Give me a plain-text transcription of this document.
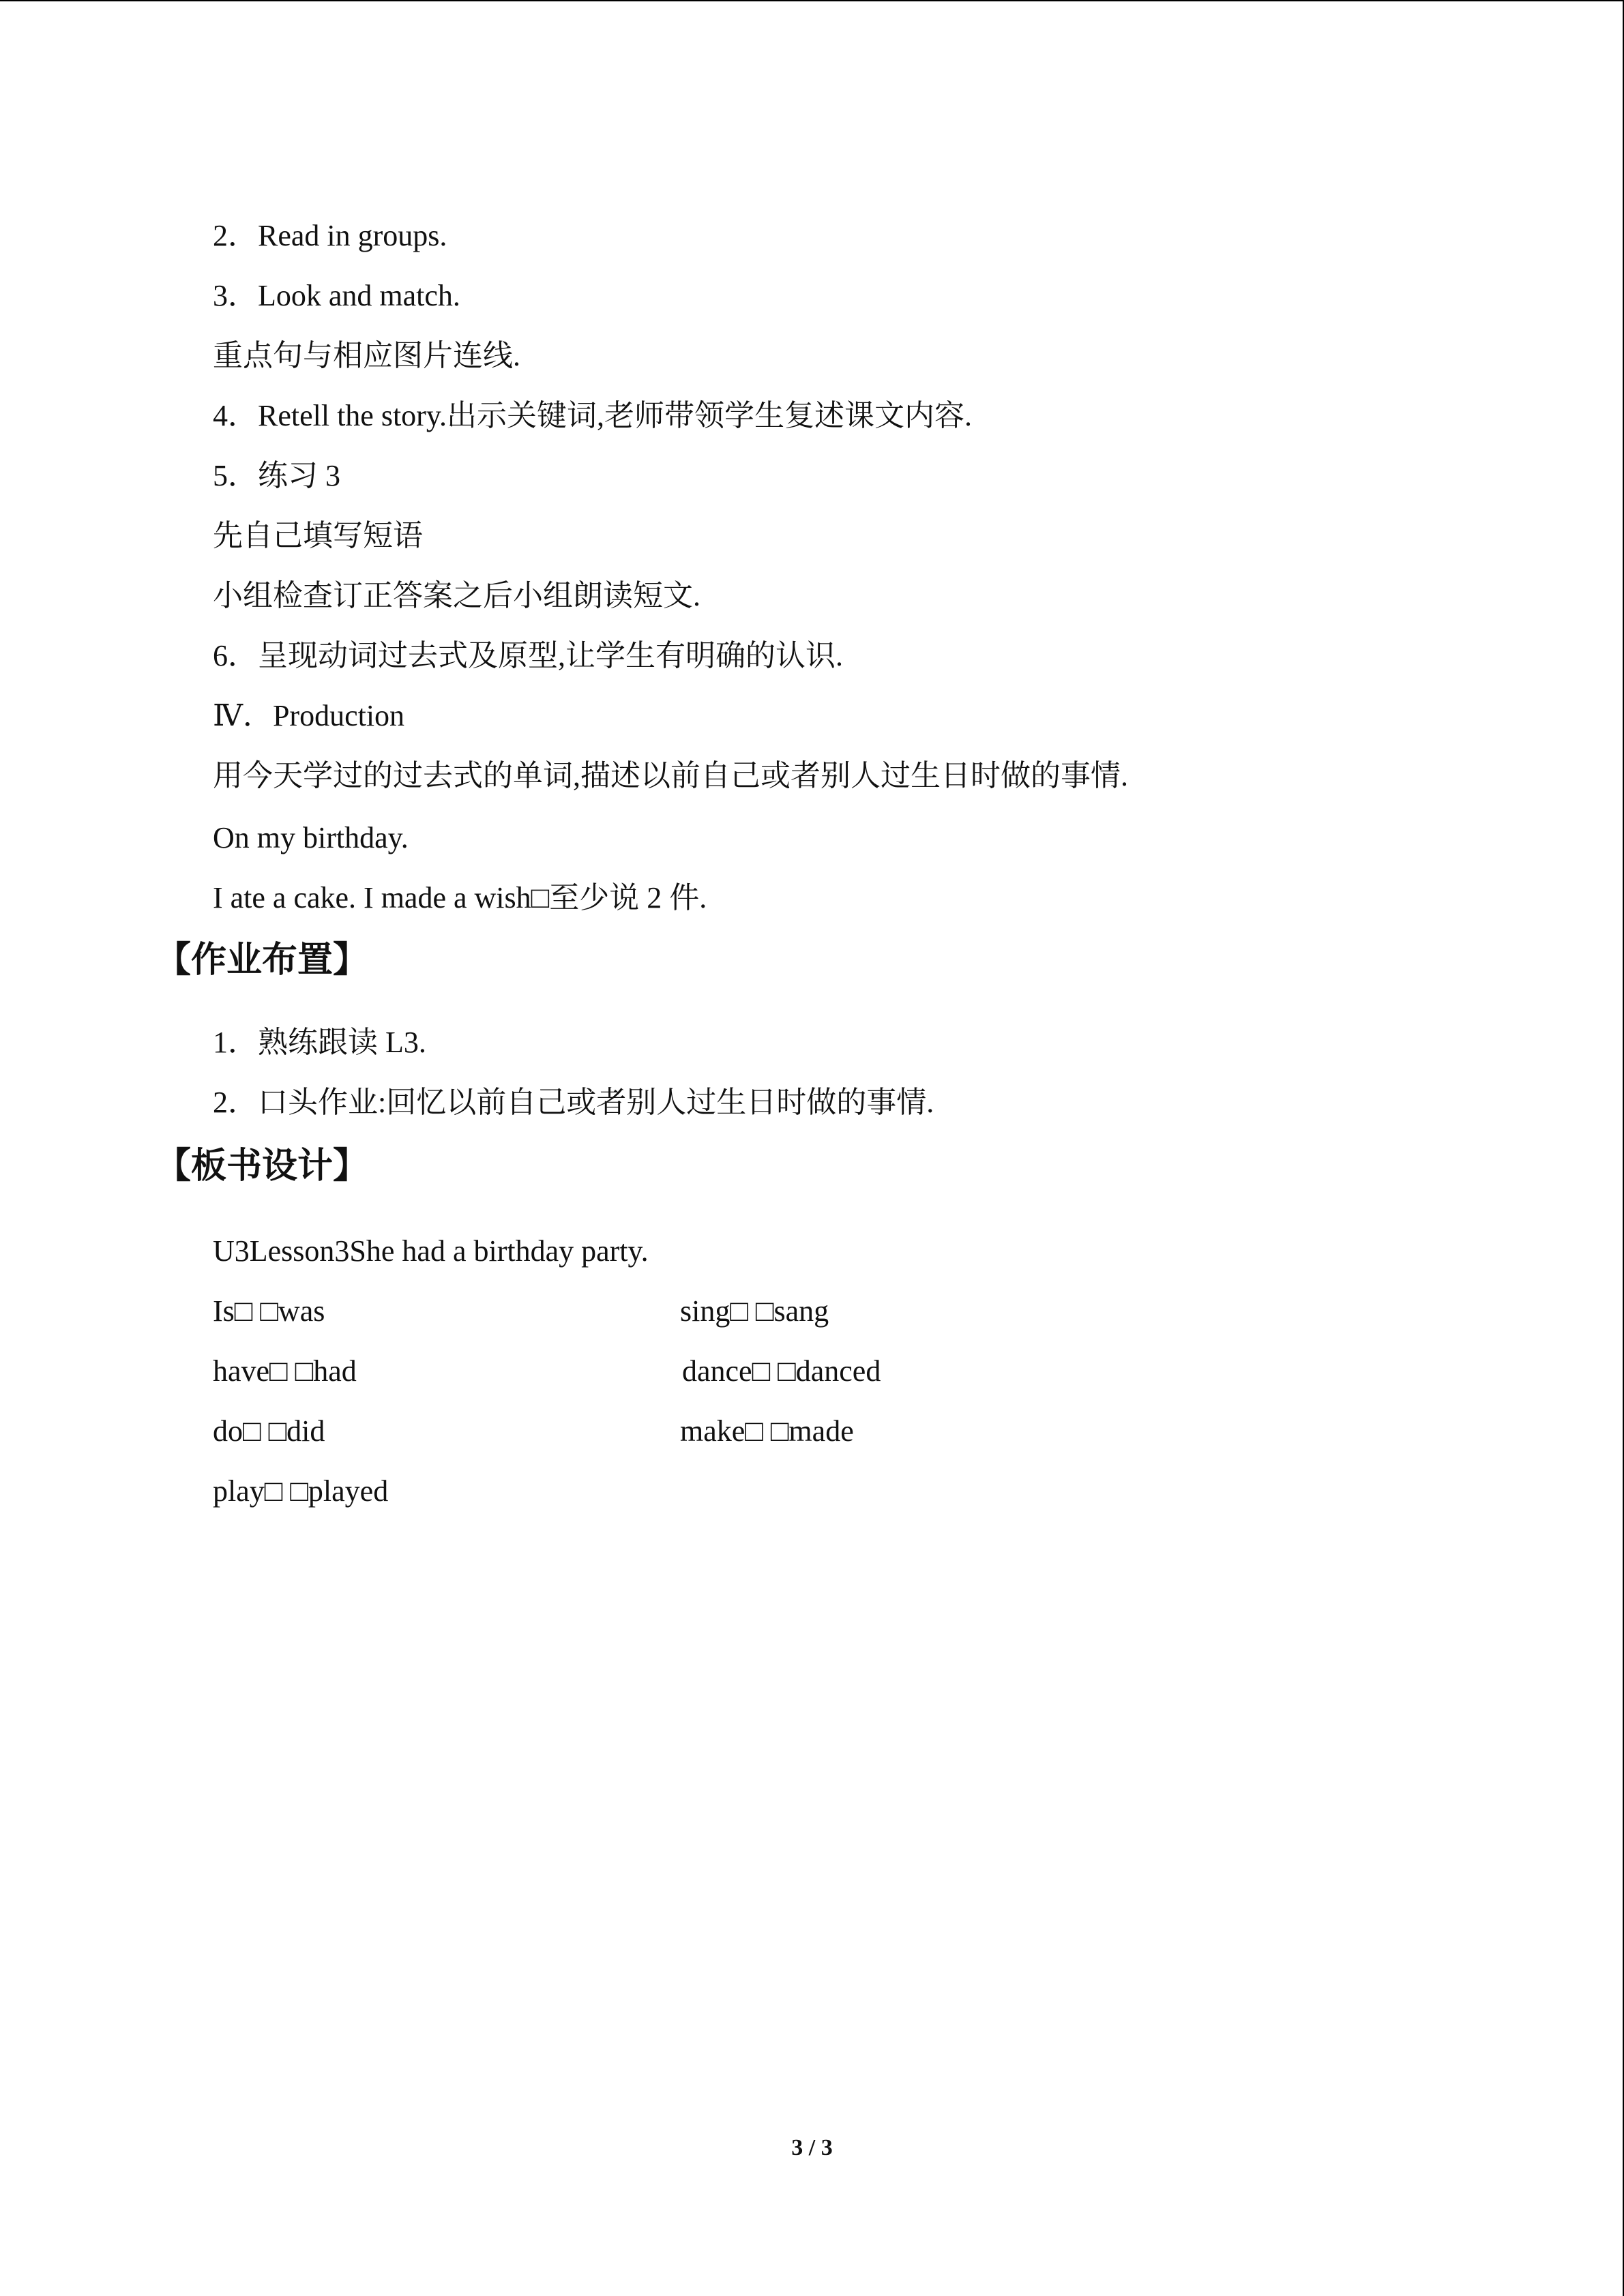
2．Read in groups.
3．Look and match.
重点句与相应图片连线.
4．Retell the story.出示关键词,老师带领学生复述课文内容.
5．练习 3
先自己填写短语
小组检查订正答案之后小组朗读短文.
6．呈现动词过去式及原型,让学生有明确的认识.
Ⅳ．Production
用今天学过的过去式的单词,描述以前自己或者别人过生日时做的事情.
On my birthday.
I ate a cake. I made a wish□至少说 2 件.
【作业布置】
1．熟练跟读 L3.
2．口头作业:回忆以前自己或者别人过生日时做的事情.
【板书设计】
U3Lesson3She had a birthday party.
Is□ □was	sing□ □sang
have□ □had	dance□ □danced
do□ □did	make□ □made
play□ □played
3 / 3
